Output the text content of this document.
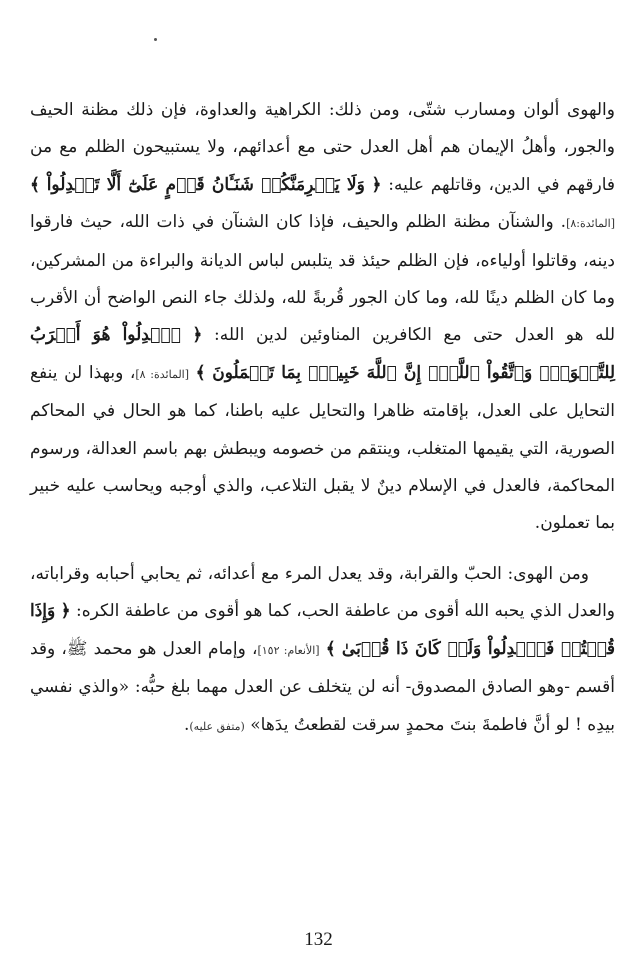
والهوى ألوان ومسارب شتّى، ومن ذلك: الكراهية والعداوة، فإن ذلك مظنة الحيف والجور، وأهلُ الإيمان هم أهل العدل حتى مع أعدائهم، ولا يستبيحون الظلم مع من فارقهم في الدين، وقاتلهم عليه: ﴿ وَلَا يَجۡرِمَنَّكُمۡ شَنَـَٔانُ قَوۡمٍ عَلَىٰٓ أَلَّا تَعۡدِلُواْ ﴾ [المائدة:٨]. والشنآن مظنة الظلم والحيف، فإذا كان الشنآن في ذات الله، حيث فارقوا دينه، وقاتلوا أولياءه، فإن الظلم حيئذ قد يتلبس لباس الديانة والبراءة من المشركين، وما كان الظلم دينًا لله، وما كان الجور قُربةً لله، ولذلك جاء النص الواضح أن الأقرب لله هو العدل حتى مع الكافرين المناوئين لدين الله: ﴿ ٱعۡدِلُواْ هُوَ أَقۡرَبُ لِلتَّقۡوَىٰۖ وَٱتَّقُواْ ٱللَّهَۚ إِنَّ ٱللَّهَ خَبِيرُۢ بِمَا تَعۡمَلُونَ ﴾ [المائدة: ٨]، وبهذا لن ينفع التحايل على العدل، بإقامته ظاهرا والتحايل عليه باطنا، كما هو الحال في المحاكم الصورية، التي يقيمها المتغلب، وينتقم من خصومه ويبطش بهم باسم العدالة، ورسوم المحاكمة، فالعدل في الإسلام دينٌ لا يقبل التلاعب، والذي أوجبه ويحاسب عليه خبير بما تعملون.

ومن الهوى: الحبّ والقرابة، وقد يعدل المرء مع أعدائه، ثم يحابي أحبابه وقراباته، والعدل الذي يحبه الله أقوى من عاطفة الحب، كما هو أقوى من عاطفة الكره: ﴿ وَإِذَا قُلۡتُمۡ فَٱعۡدِلُواْ وَلَوۡ كَانَ ذَا قُرۡبَىٰ ﴾ [الأنعام: ١٥٢]، وإمام العدل هو محمد ﷺ، وقد أقسم -وهو الصادق المصدوق- أنه لن يتخلف عن العدل مهما بلغ حبُّه: «والذي نفسي بيدِه ! لو أنَّ فاطمةَ بنتَ محمدٍ سرقت لقطعتُ يدَها» (متفق عليه).

132
